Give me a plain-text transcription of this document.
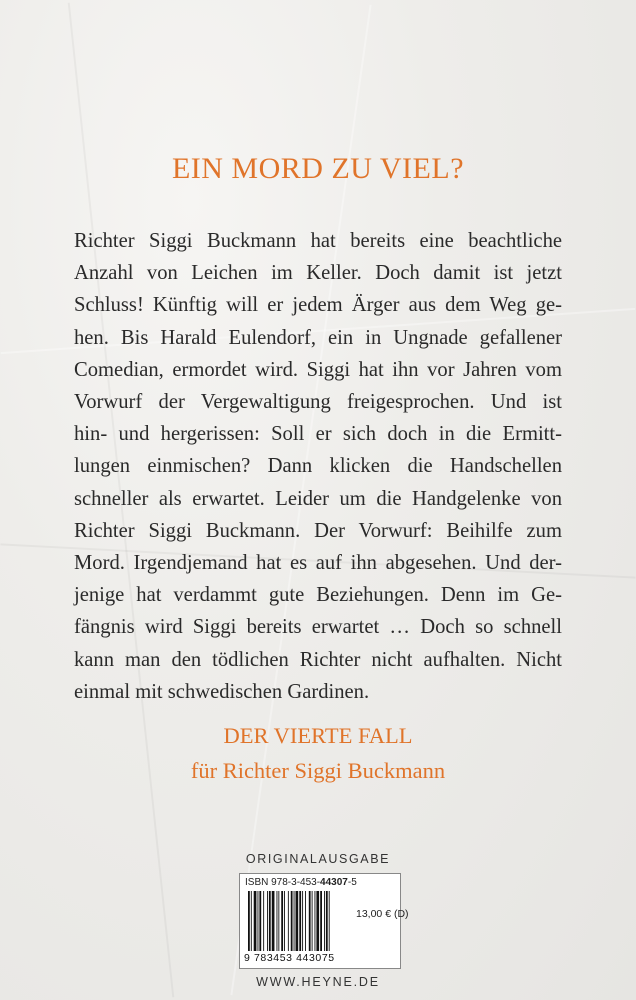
EIN MORD ZU VIEL?
Richter Siggi Buckmann hat bereits eine beachtliche
Anzahl von Leichen im Keller. Doch damit ist jetzt
Schluss! Künftig will er jedem Ärger aus dem Weg ge-
hen. Bis Harald Eulendorf, ein in Ungnade gefallener
Comedian, ermordet wird. Siggi hat ihn vor Jahren vom
Vorwurf der Vergewaltigung freigesprochen. Und ist
hin- und hergerissen: Soll er sich doch in die Ermitt-
lungen einmischen? Dann klicken die Handschellen
schneller als erwartet. Leider um die Handgelenke von
Richter Siggi Buckmann. Der Vorwurf: Beihilfe zum
Mord. Irgendjemand hat es auf ihn abgesehen. Und der-
jenige hat verdammt gute Beziehungen. Denn im Ge-
fängnis wird Siggi bereits erwartet … Doch so schnell
kann man den tödlichen Richter nicht aufhalten. Nicht
einmal mit schwedischen Gardinen.
DER VIERTE FALL
für Richter Siggi Buckmann
ORIGINALAUSGABE
ISBN 978-3-453-44307-5
13,00 € (D)
9 783453 443075
WWW.HEYNE.DE
